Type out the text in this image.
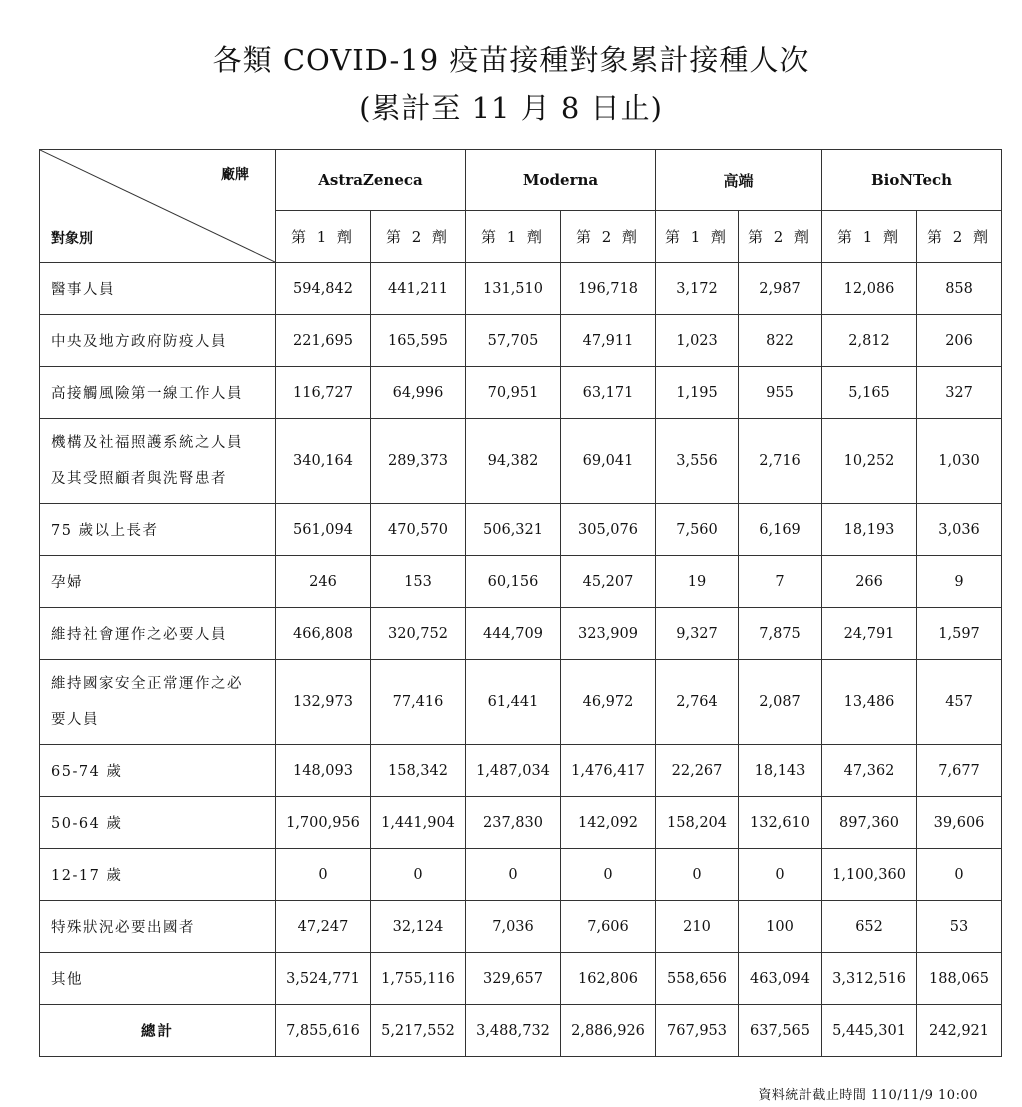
各類 COVID-19 疫苗接種對象累計接種人次
(累計至 11 月 8 日止)
廠牌
對象別	AstraZeneca		Moderna		高端		BioNTech	
	第 1 劑	第 2 劑	第 1 劑	第 2 劑	第 1 劑	第 2 劑	第 1 劑	第 2 劑

醫事人員	594,842	441,211	131,510	196,718	3,172	2,987	12,086	858

中央及地方政府防疫人員	221,695	165,595	57,705	47,911	1,023	822	2,812	206

高接觸風險第一線工作人員	116,727	64,996	70,951	63,171	1,195	955	5,165	327

機構及社福照護系統之人員
及其受照顧者與洗腎患者	340,164	289,373	94,382	69,041	3,556	2,716	10,252	1,030

75 歲以上長者	561,094	470,570	506,321	305,076	7,560	6,169	18,193	3,036

孕婦	246	153	60,156	45,207	19	7	266	9

維持社會運作之必要人員	466,808	320,752	444,709	323,909	9,327	7,875	24,791	1,597

維持國家安全正常運作之必
要人員	132,973	77,416	61,441	46,972	2,764	2,087	13,486	457

65-74 歲	148,093	158,342	1,487,034	1,476,417	22,267	18,143	47,362	7,677

50-64 歲	1,700,956	1,441,904	237,830	142,092	158,204	132,610	897,360	39,606

12-17 歲	0	0	0	0	0	0	1,100,360	0

特殊狀況必要出國者	47,247	32,124	7,036	7,606	210	100	652	53

其他	3,524,771	1,755,116	329,657	162,806	558,656	463,094	3,312,516	188,065
總計	7,855,616	5,217,552	3,488,732	2,886,926	767,953	637,565	5,445,301	242,921
資料統計截止時間 110/11/9 10:00
